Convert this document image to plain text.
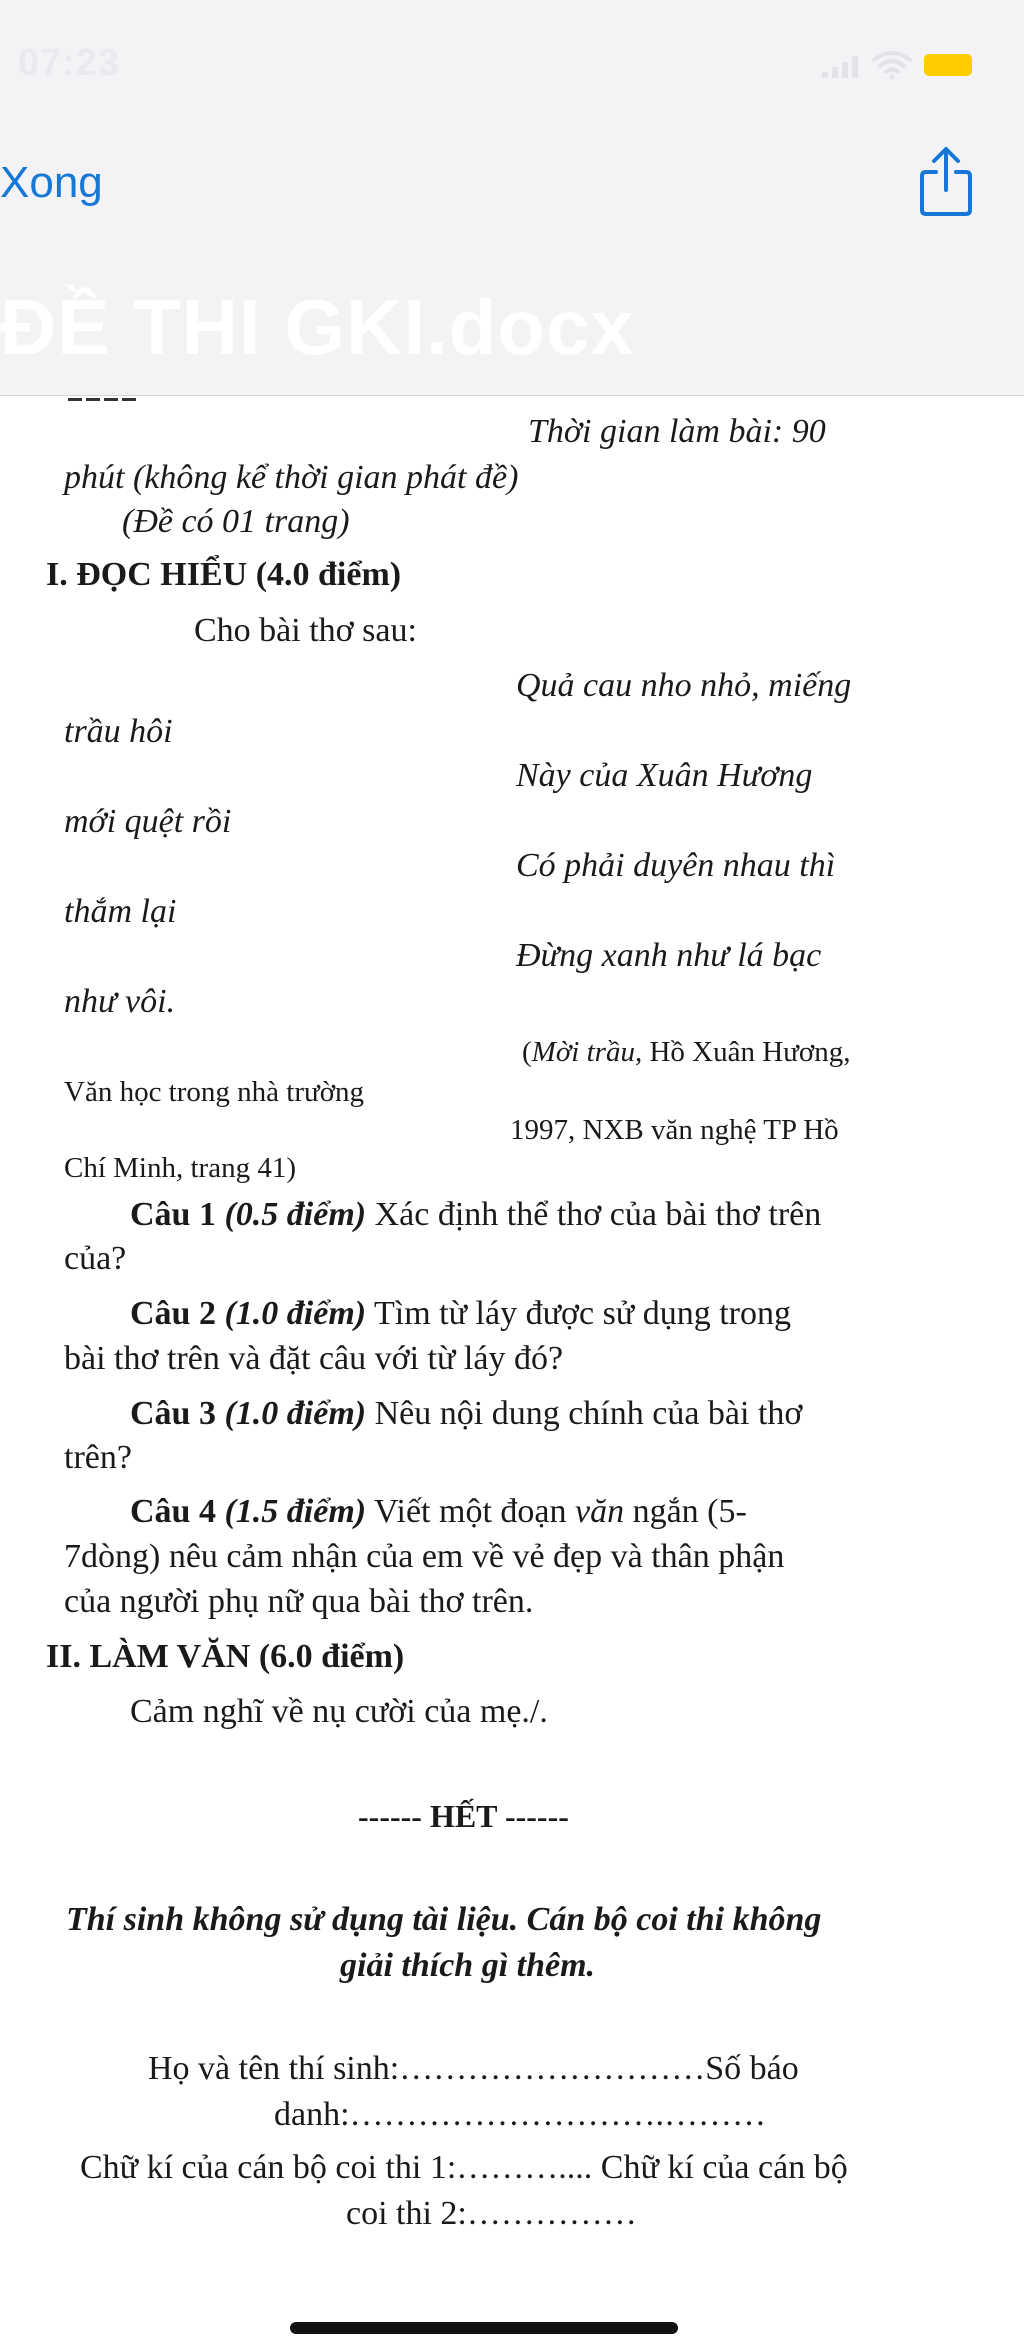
07:23
Xong
ĐỀ THI GKI.docx
Thời gian làm bài: 90
phút (không kể thời gian phát đề)
(Đề có 01 trang)
I. ĐỌC HIỂU (4.0 điểm)
Cho bài thơ sau:
Quả cau nho nhỏ, miếng
trầu hôi
Này của Xuân Hương
mới quệt rồi
Có phải duyên nhau thì
thắm lại
Đừng xanh như lá bạc
như vôi.
(Mời trầu, Hồ Xuân Hương,
Văn học trong nhà trường
1997, NXB văn nghệ TP Hồ
Chí Minh, trang 41)
Câu 1 (0.5 điểm) Xác định thể thơ của bài thơ trên
của?
Câu 2 (1.0 điểm) Tìm từ láy được sử dụng trong
bài thơ trên và đặt câu với từ láy đó?
Câu 3 (1.0 điểm) Nêu nội dung chính của bài thơ
trên?
Câu 4 (1.5 điểm) Viết một đoạn văn ngắn (5-
7dòng) nêu cảm nhận của em về vẻ đẹp và thân phận
của người phụ nữ qua bài thơ trên.
II. LÀM VĂN (6.0 điểm)
Cảm nghĩ về nụ cười của mẹ./.
------ HẾT ------
Thí sinh không sử dụng tài liệu. Cán bộ coi thi không
giải thích gì thêm.
Họ và tên thí sinh:………………………Số báo
danh:……………………….………
Chữ kí của cán bộ coi thi 1:……….... Chữ kí của cán bộ
coi thi 2:……………
